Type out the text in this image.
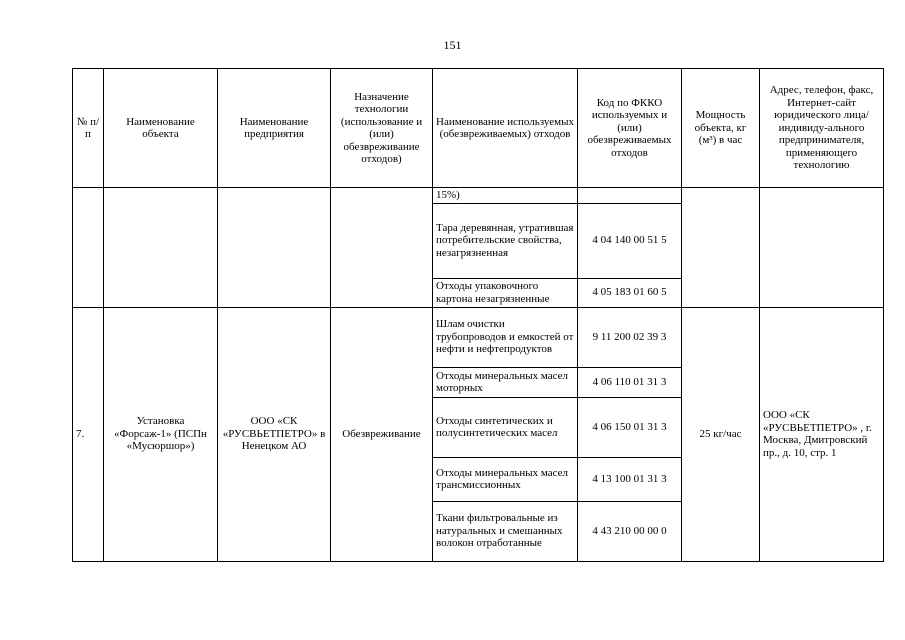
151
№ п/п	Наименование объекта	Наименование предприятия	Назначение технологии (использование и (или) обезвреживание отходов)	Наименование используемых (обезвреживаемых) отходов	Код по ФККО используемых и (или) обезвреживаемых отходов	Мощность объекта, кг (м³) в час	Адрес, телефон, факс, Интернет-сайт юридического лица/индивиду-ального предпринимателя, применяющего технологию
				15%)			
				Тара деревянная, утратившая потребительские свойства, незагрязненная	4 04 140 00 51 5		
				Отходы упаковочного картона незагрязненные	4 05 183 01 60 5		
7.	Установка «Форсаж-1» (ПСПн «Мусюршор»)	ООО «СК «РУСВЬЕТПЕТРО» в Ненецком АО	Обезвреживание	Шлам очистки трубопроводов и емкостей от нефти и нефтепродуктов	9 11 200 02 39 3	25 кг/час	ООО «СК «РУСВЬЕТПЕТРО» , г. Москва, Дмитровский пр., д. 10, стр. 1
				Отходы минеральных масел моторных	4 06 110 01 31 3		
				Отходы синтетических и полусинтетических масел	4 06 150 01 31 3		
				Отходы минеральных масел трансмиссионных	4 13 100 01 31 3		
				Ткани фильтровальные из натуральных и смешанных волокон отработанные	4 43 210 00 00 0		
